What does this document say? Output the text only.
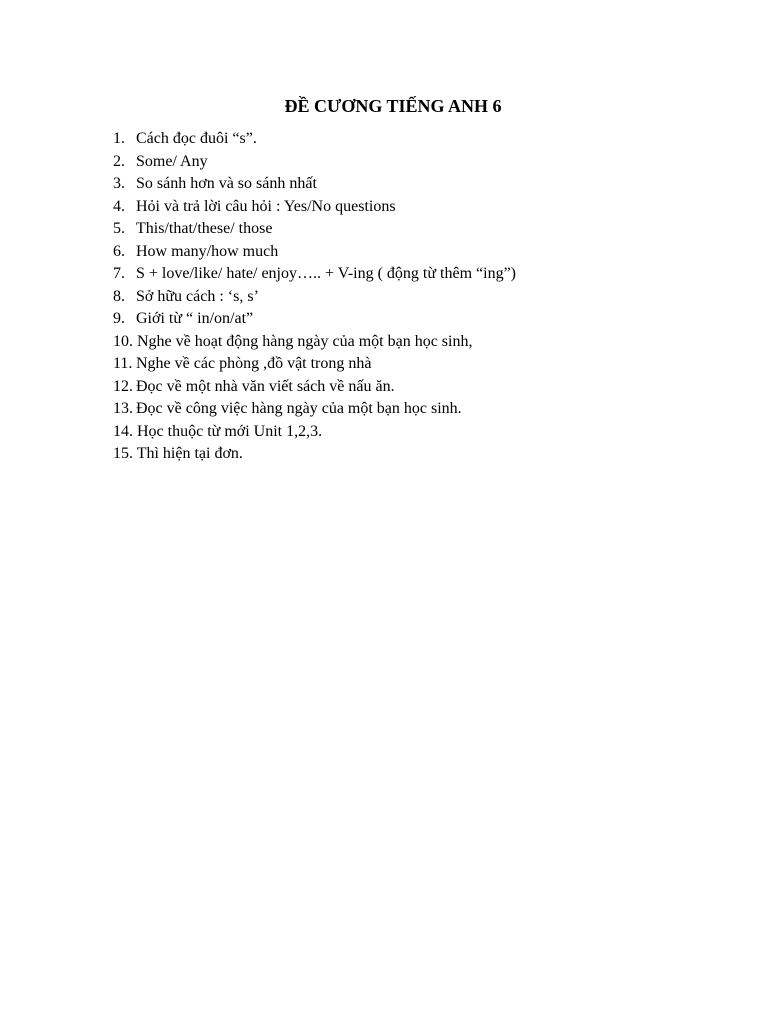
ĐỀ CƯƠNG TIẾNG ANH 6
1. Cách đọc đuôi “s”.
2. Some/ Any
3. So sánh hơn và so sánh nhất
4. Hỏi và trả lời câu hỏi : Yes/No questions
5. This/that/these/ those
6. How many/how much
7. S + love/like/ hate/ enjoy….. + V-ing ( động từ thêm “ing”)
8. Sở hữu cách : ‘s, s’
9. Giới từ “ in/on/at”
10. Nghe về hoạt động hàng ngày của một bạn học sinh,
11. Nghe về các phòng ,đồ vật trong nhà
12. Đọc về một nhà văn viết sách về nấu ăn.
13. Đọc về công việc hàng ngày của một bạn học sinh.
14. Học thuộc từ mới Unit 1,2,3.
15. Thì hiện tại đơn.
